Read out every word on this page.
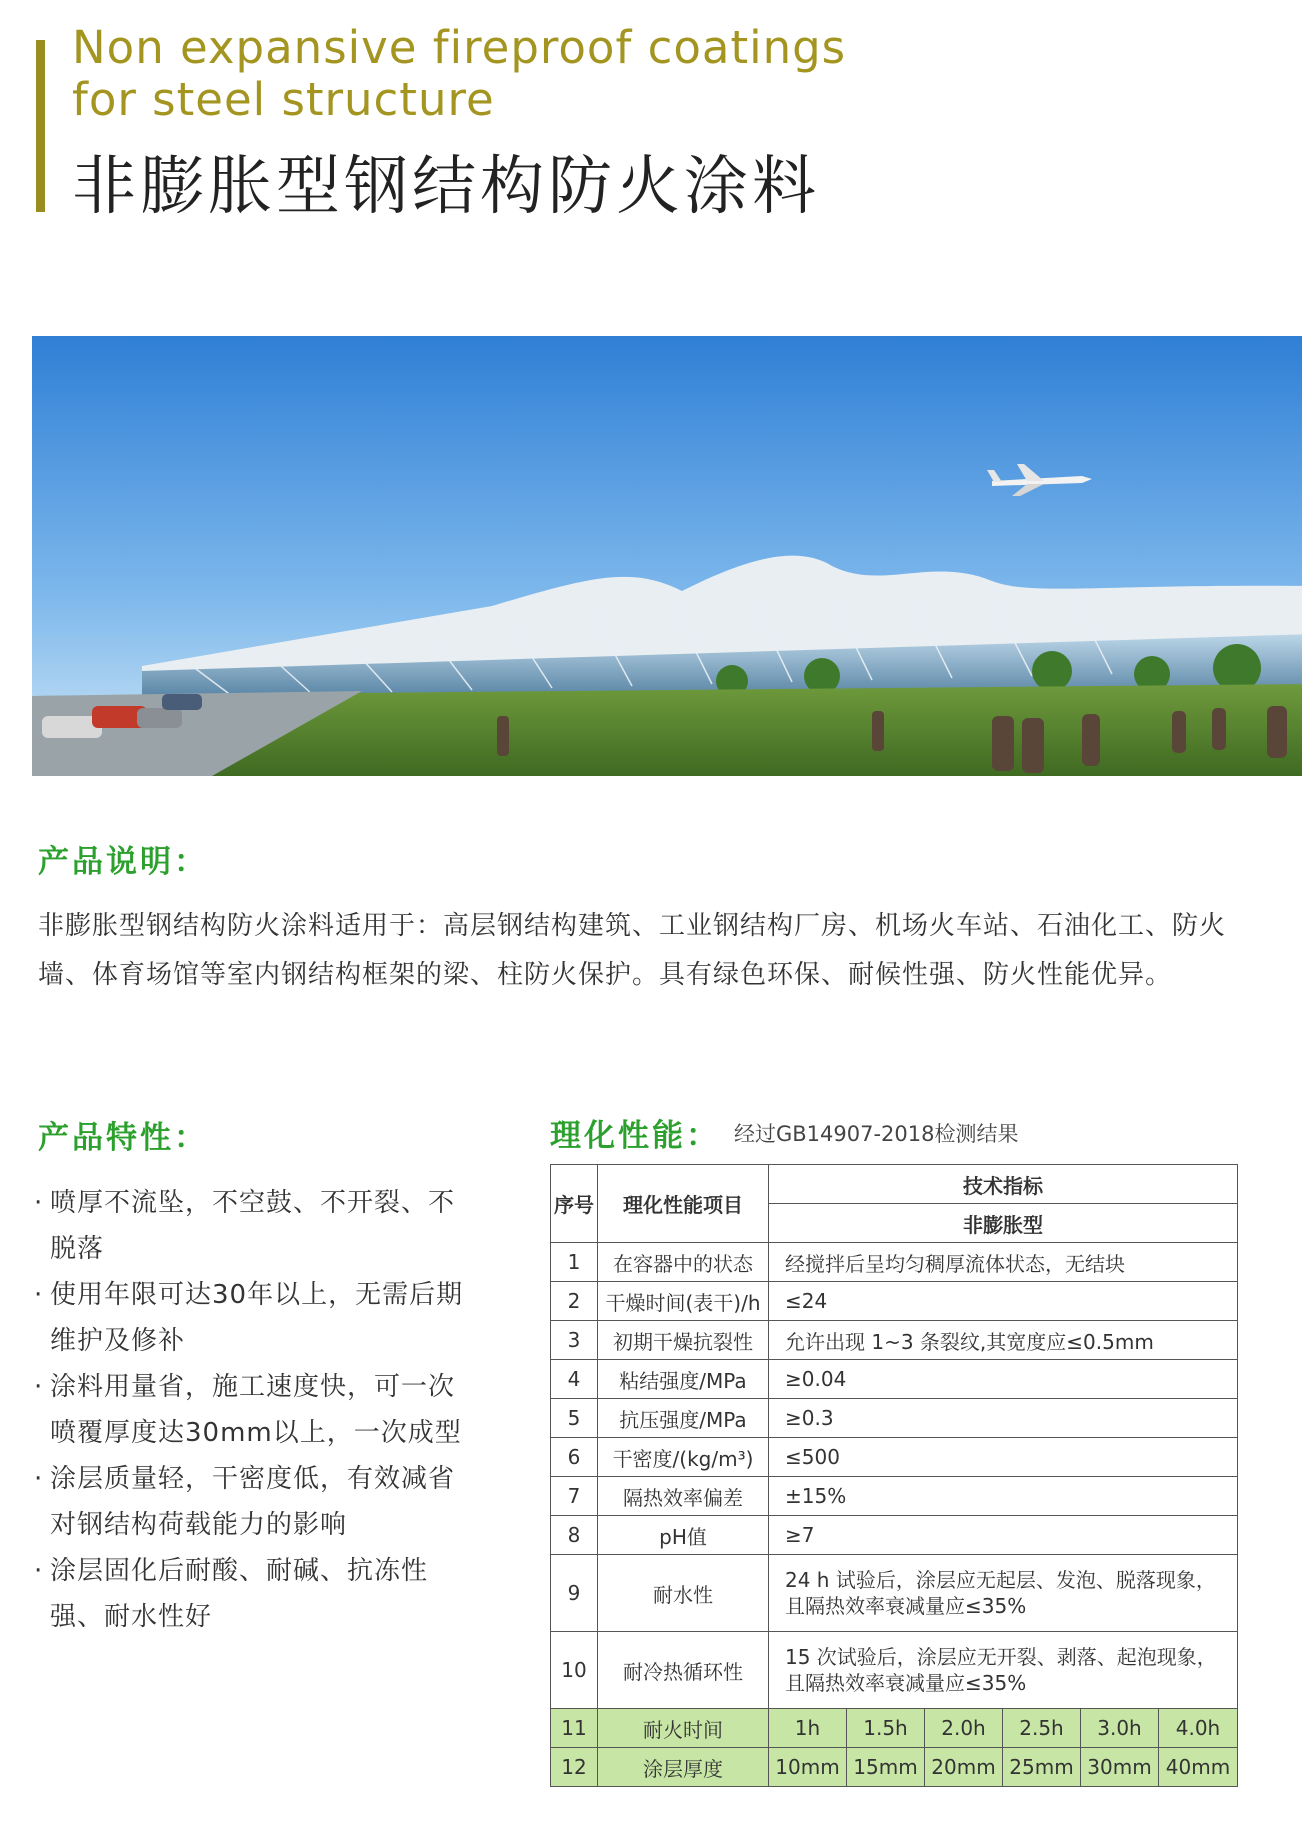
Non expansive fireproof coatings
for steel structure
非膨胀型钢结构防火涂料
产品说明：
非膨胀型钢结构防火涂料适用于：高层钢结构建筑、工业钢结构厂房、机场火车站、石油化工、防火墙、体育场馆等室内钢结构框架的梁、柱防火保护。具有绿色环保、耐候性强、防火性能优异。
产品特性：
· 喷厚不流坠，不空鼓、不开裂、不脱落
· 使用年限可达30年以上，无需后期维护及修补
· 涂料用量省，施工速度快，可一次喷覆厚度达30mm以上，一次成型
· 涂层质量轻，干密度低，有效减省对钢结构荷载能力的影响
· 涂层固化后耐酸、耐碱、抗冻性强、耐水性好
理化性能： 经过GB14907-2018检测结果
序号	理化性能项目	技术指标					
		非膨胀型					
1	在容器中的状态	经搅拌后呈均匀稠厚流体状态，无结块					
2	干燥时间(表干)/h	≤24					
3	初期干燥抗裂性	允许出现 1~3 条裂纹,其宽度应≤0.5mm					
4	粘结强度/MPa	≥0.04					
5	抗压强度/MPa	≥0.3					
6	干密度/(kg/m³)	≤500					
7	隔热效率偏差	±15%					
8	pH值	≥7					
9	耐水性	24 h 试验后，涂层应无起层、发泡、脱落现象，
且隔热效率衰减量应≤35%					
10	耐冷热循环性	15 次试验后，涂层应无开裂、剥落、起泡现象，
且隔热效率衰减量应≤35%					
11	耐火时间	1h	1.5h	2.0h	2.5h	3.0h	4.0h
12	涂层厚度	10mm	15mm	20mm	25mm	30mm	40mm
